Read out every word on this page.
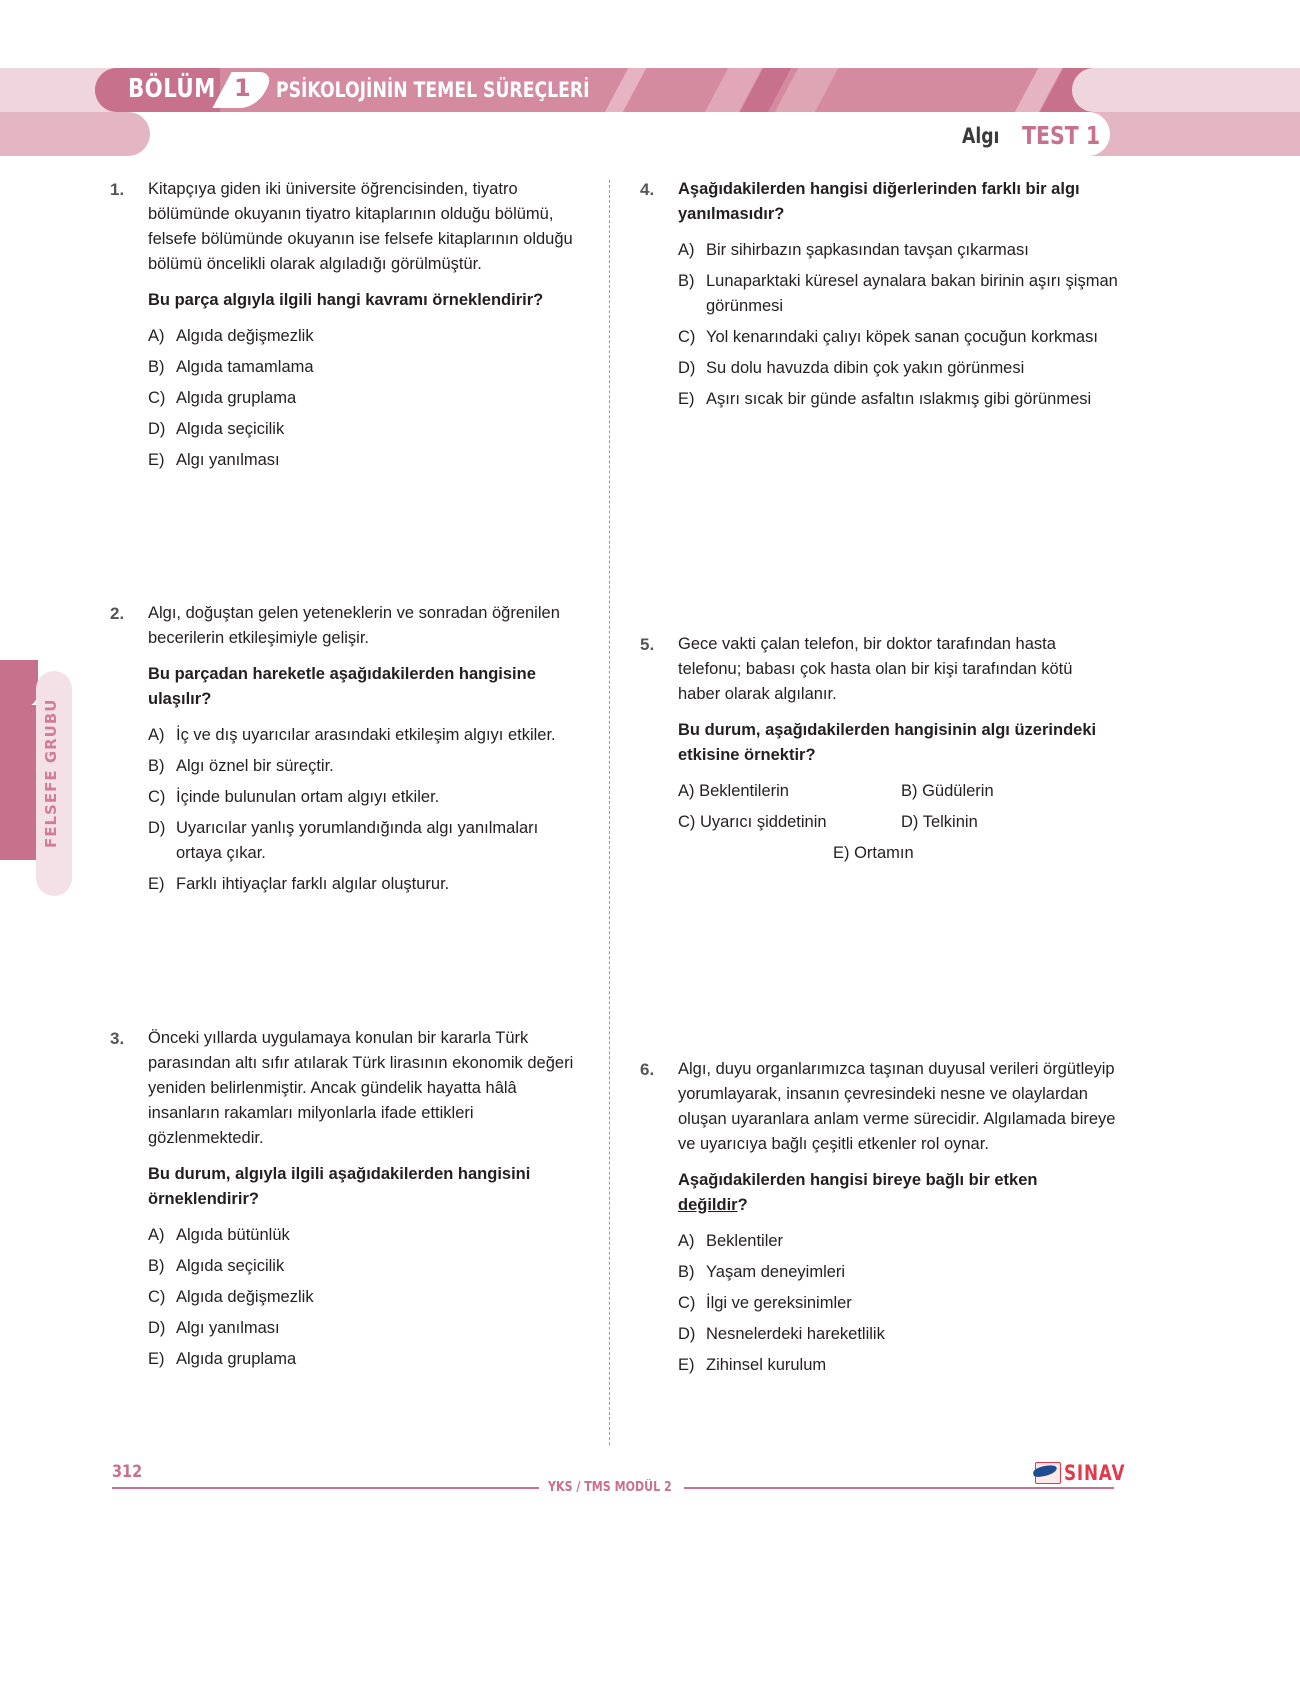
BÖLÜM 1 PSİKOLOJİNİN TEMEL SÜREÇLERİ
Algı TEST 1
FELSEFE GRUBU
1. Kitapçıya giden iki üniversite öğrencisinden, tiyatro bölümünde okuyanın tiyatro kitaplarının olduğu bölümü, felsefe bölümünde okuyanın ise felsefe kitaplarının olduğu bölümü öncelikli olarak algıladığı görülmüştür.

Bu parça algıyla ilgili hangi kavramı örneklendirir?

A) Algıda değişmezlik
B) Algıda tamamlama
C) Algıda gruplama
D) Algıda seçicilik
E) Algı yanılması
2. Algı, doğuştan gelen yeteneklerin ve sonradan öğrenilen becerilerin etkileşimiyle gelişir.

Bu parçadan hareketle aşağıdakilerden hangisine ulaşılır?

A) İç ve dış uyarıcılar arasındaki etkileşim algıyı etkiler.
B) Algı öznel bir süreçtir.
C) İçinde bulunulan ortam algıyı etkiler.
D) Uyarıcılar yanlış yorumlandığında algı yanılmaları ortaya çıkar.
E) Farklı ihtiyaçlar farklı algılar oluşturur.
3. Önceki yıllarda uygulamaya konulan bir kararla Türk parasından altı sıfır atılarak Türk lirasının ekonomik değeri yeniden belirlenmiştir. Ancak gündelik hayatta hâlâ insanların rakamları milyonlarla ifade ettikleri gözlenmektedir.

Bu durum, algıyla ilgili aşağıdakilerden hangisini örneklendirir?

A) Algıda bütünlük
B) Algıda seçicilik
C) Algıda değişmezlik
D) Algı yanılması
E) Algıda gruplama
4. Aşağıdakilerden hangisi diğerlerinden farklı bir algı yanılmasıdır?

A) Bir sihirbazın şapkasından tavşan çıkarması
B) Lunaparktaki küresel aynalara bakan birinin aşırı şişman görünmesi
C) Yol kenarındaki çalıyı köpek sanan çocuğun korkması
D) Su dolu havuzda dibin çok yakın görünmesi
E) Aşırı sıcak bir günde asfaltın ıslakmış gibi görünmesi
5. Gece vakti çalan telefon, bir doktor tarafından hasta telefonu; babası çok hasta olan bir kişi tarafından kötü haber olarak algılanır.

Bu durum, aşağıdakilerden hangisinin algı üzerindeki etkisine örnektir?

A) Beklentilerin	B) Güdülerin
C) Uyarıcı şiddetinin	D) Telkinin
E) Ortamın
6. Algı, duyu organlarımızca taşınan duyusal verileri örgütleyip yorumlayarak, insanın çevresindeki nesne ve olaylardan oluşan uyaranlara anlam verme sürecidir. Algılamada bireye ve uyarıcıya bağlı çeşitli etkenler rol oynar.

Aşağıdakilerden hangisi bireye bağlı bir etken
değildir?

A) Beklentiler
B) Yaşam deneyimleri
C) İlgi ve gereksinimler
D) Nesnelerdeki hareketlilik
E) Zihinsel kurulum
312
YKS / TMS MODÜL 2
SINAV
